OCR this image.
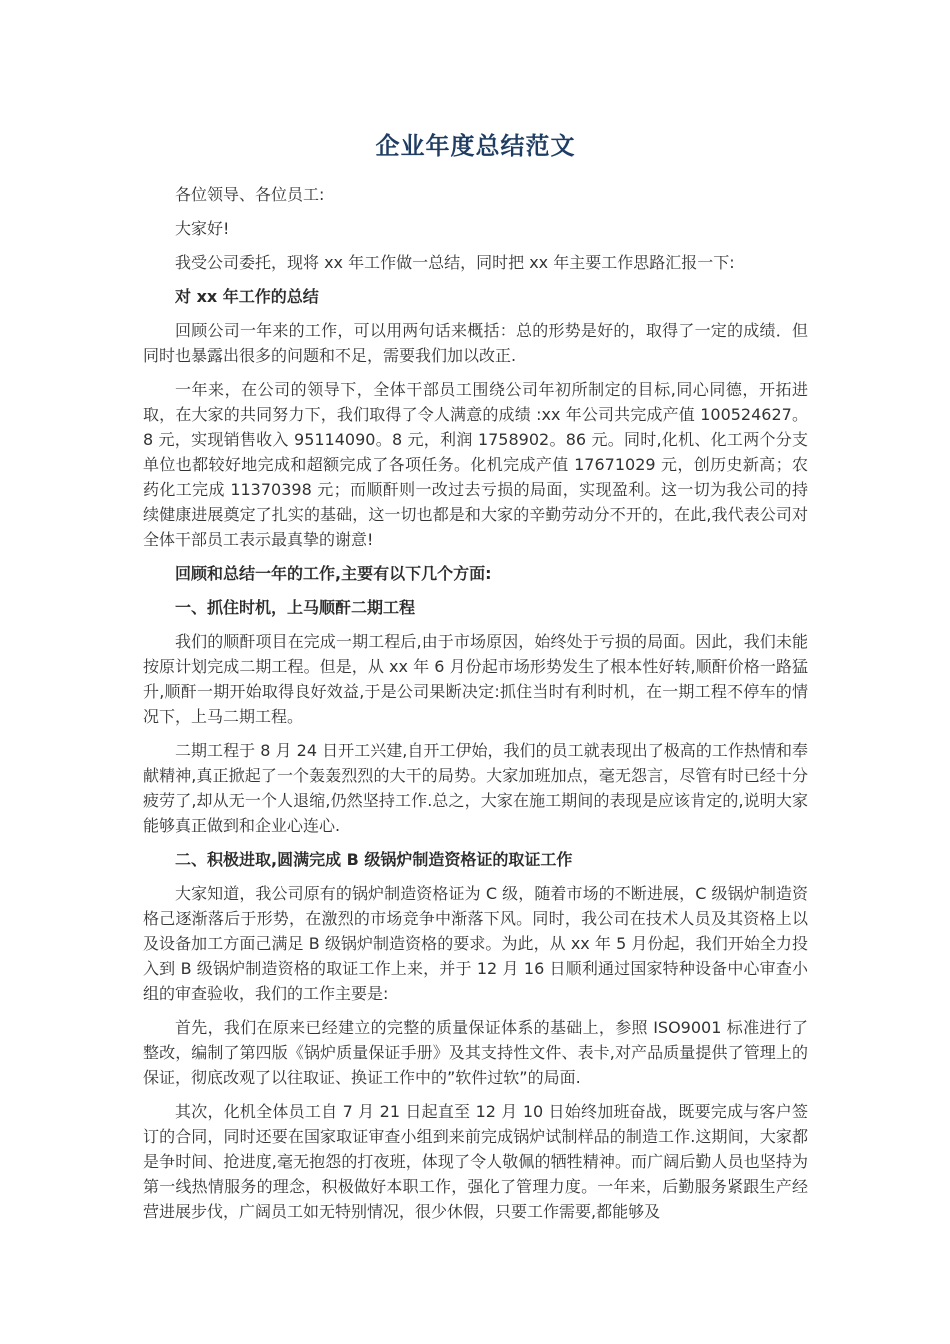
企业年度总结范文

各位领导、各位员工:

大家好!

我受公司委托，现将 xx 年工作做一总结，同时把 xx 年主要工作思路汇报一下:

对 xx 年工作的总结

回顾公司一年来的工作，可以用两句话来概括：总的形势是好的，取得了一定的成绩．但同时也暴露出很多的问题和不足，需要我们加以改正.

一年来，在公司的领导下，全体干部员工围绕公司年初所制定的目标,同心同德，开拓进取，在大家的共同努力下，我们取得了令人满意的成绩 :xx 年公司共完成产值 100524627。8 元，实现销售收入 95114090。8 元，利润 1758902。86 元。同时,化机、化工两个分支单位也都较好地完成和超额完成了各项任务。化机完成产值 17671029 元，创历史新高；农药化工完成 11370398 元；而顺酐则一改过去亏损的局面，实现盈利。这一切为我公司的持续健康进展奠定了扎实的基础，这一切也都是和大家的辛勤劳动分不开的，在此,我代表公司对全体干部员工表示最真挚的谢意!

回顾和总结一年的工作,主要有以下几个方面:

一、抓住时机，上马顺酐二期工程

我们的顺酐项目在完成一期工程后,由于市场原因，始终处于亏损的局面。因此，我们未能按原计划完成二期工程。但是，从 xx 年 6 月份起市场形势发生了根本性好转,顺酐价格一路猛升,顺酐一期开始取得良好效益,于是公司果断决定:抓住当时有利时机，在一期工程不停车的情况下，上马二期工程。

二期工程于 8 月 24 日开工兴建,自开工伊始，我们的员工就表现出了极高的工作热情和奉献精神,真正掀起了一个轰轰烈烈的大干的局势。大家加班加点，毫无怨言，尽管有时已经十分疲劳了,却从无一个人退缩,仍然坚持工作.总之，大家在施工期间的表现是应该肯定的,说明大家能够真正做到和企业心连心.

二、积极进取,圆满完成 B 级锅炉制造资格证的取证工作

大家知道，我公司原有的锅炉制造资格证为 C 级，随着市场的不断进展，C 级锅炉制造资格己逐渐落后于形势，在激烈的市场竞争中渐落下风。同时，我公司在技术人员及其资格上以及设备加工方面己满足 B 级锅炉制造资格的要求。为此，从 xx 年 5 月份起，我们开始全力投入到 B 级锅炉制造资格的取证工作上来，并于 12 月 16 日顺利通过国家特种设备中心审查小组的审查验收，我们的工作主要是:

首先，我们在原来已经建立的完整的质量保证体系的基础上，参照 ISO9001 标准进行了整改，编制了第四版《锅炉质量保证手册》及其支持性文件、表卡,对产品质量提供了管理上的保证，彻底改观了以往取证、换证工作中的”软件过软”的局面.

其次，化机全体员工自 7 月 21 日起直至 12 月 10 日始终加班奋战，既要完成与客户签订的合同，同时还要在国家取证审查小组到来前完成锅炉试制样品的制造工作.这期间，大家都是争时间、抢进度,毫无抱怨的打夜班，体现了令人敬佩的牺牲精神。而广阔后勤人员也坚持为第一线热情服务的理念，积极做好本职工作，强化了管理力度。一年来，后勤服务紧跟生产经营进展步伐，广阔员工如无特别情况，很少休假，只要工作需要,都能够及
